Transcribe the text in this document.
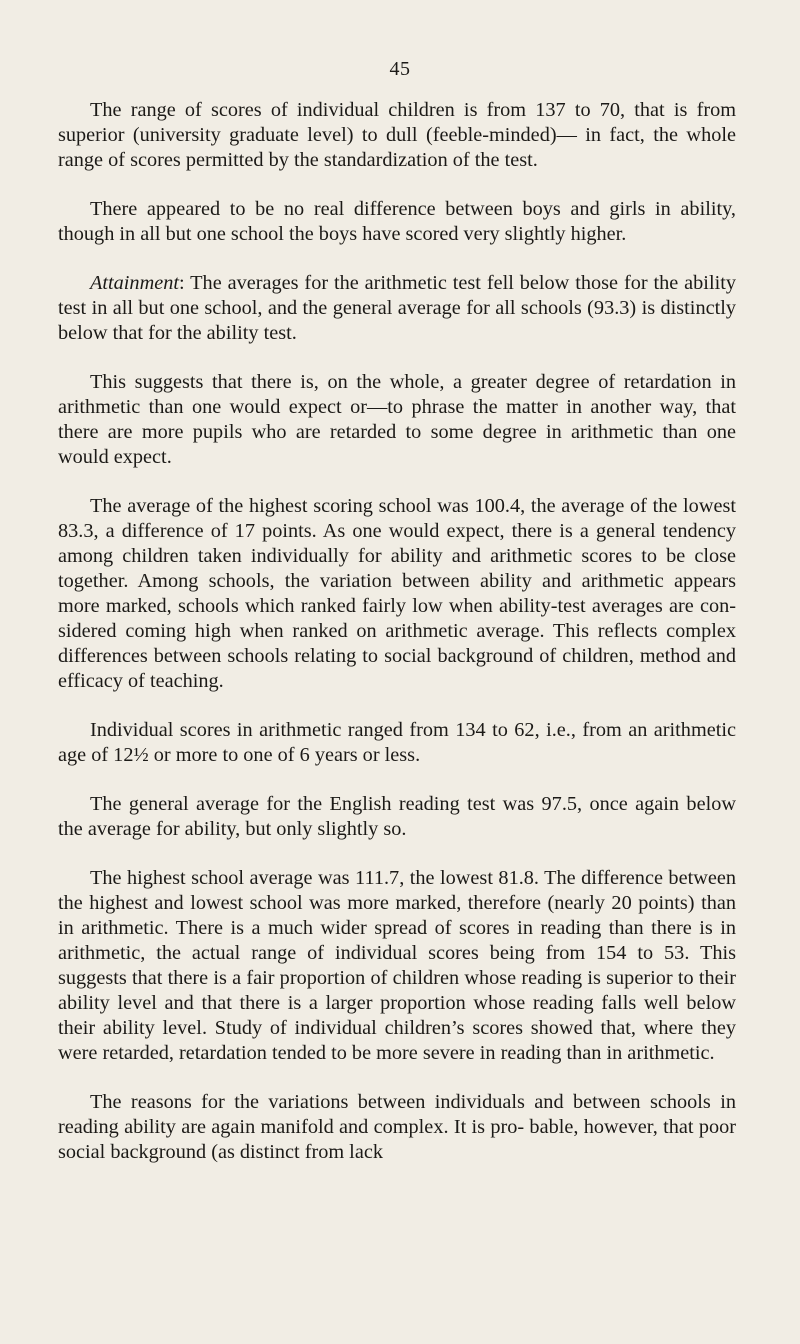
45

The range of scores of individual children is from 137 to 70, that is from superior (university graduate level) to dull (feeble-minded)— in fact, the whole range of scores permitted by the standardization of the test.

There appeared to be no real difference between boys and girls in ability, though in all but one school the boys have scored very slightly higher.

Attainment: The averages for the arithmetic test fell below those for the ability test in all but one school, and the general average for all schools (93.3) is distinctly below that for the ability test.

This suggests that there is, on the whole, a greater degree of retardation in arithmetic than one would expect or—to phrase the matter in another way, that there are more pupils who are retarded to some degree in arithmetic than one would expect.

The average of the highest scoring school was 100.4, the average of the lowest 83.3, a difference of 17 points. As one would expect, there is a general tendency among children taken individually for ability and arithmetic scores to be close together. Among schools, the variation between ability and arithmetic appears more marked, schools which ranked fairly low when ability-test averages are con- sidered coming high when ranked on arithmetic average. This reflects complex differences between schools relating to social background of children, method and efficacy of teaching.

Individual scores in arithmetic ranged from 134 to 62, i.e., from an arithmetic age of 12½ or more to one of 6 years or less.

The general average for the English reading test was 97.5, once again below the average for ability, but only slightly so.

The highest school average was 111.7, the lowest 81.8. The difference between the highest and lowest school was more marked, therefore (nearly 20 points) than in arithmetic. There is a much wider spread of scores in reading than there is in arithmetic, the actual range of individual scores being from 154 to 53. This suggests that there is a fair proportion of children whose reading is superior to their ability level and that there is a larger proportion whose reading falls well below their ability level. Study of individual children’s scores showed that, where they were retarded, retardation tended to be more severe in reading than in arithmetic.

The reasons for the variations between individuals and between schools in reading ability are again manifold and complex. It is pro- bable, however, that poor social background (as distinct from lack
